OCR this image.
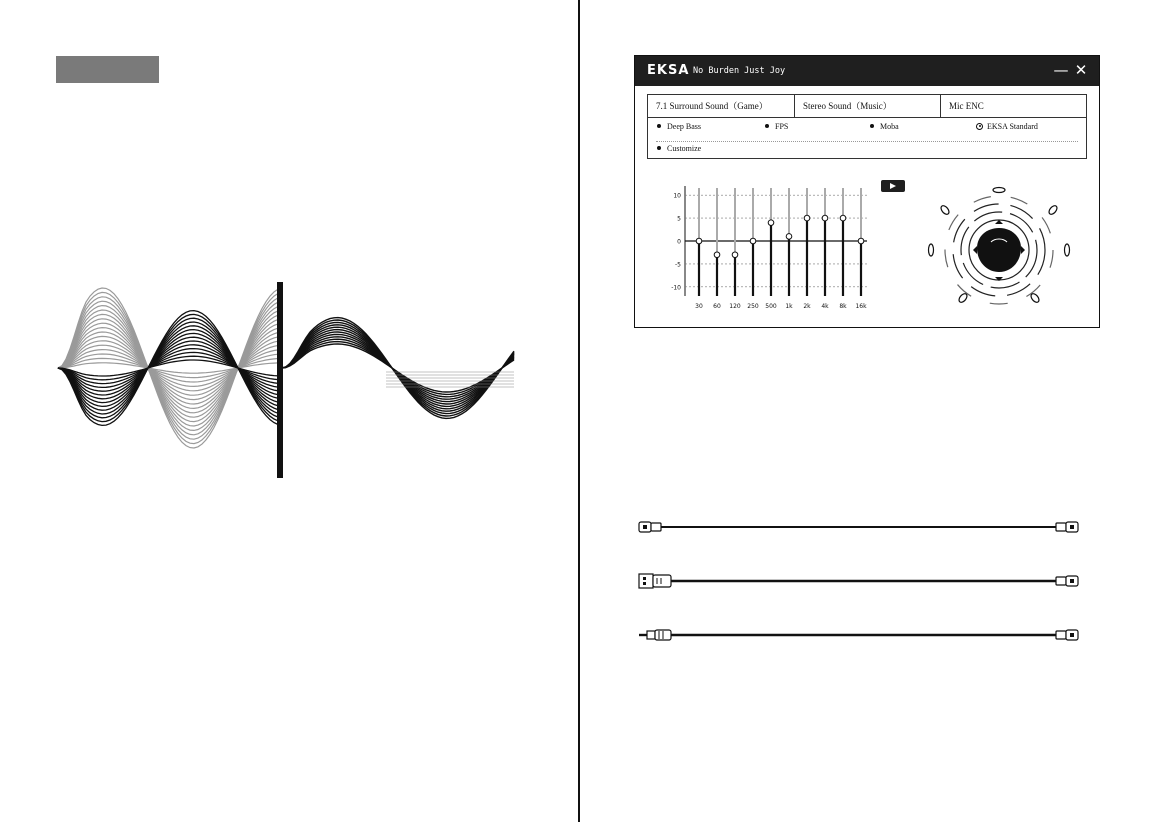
EKSA No Burden Just Joy	— ✕
7.1 Surround Sound（Game）	Stereo Sound（Music）	Mic ENC
Deep Bass	FPS	Moba	EKSA Standard
Customize
10
5
0
-5
-10
30 60 120 250 500 1k 2k 4k 8k 16k
